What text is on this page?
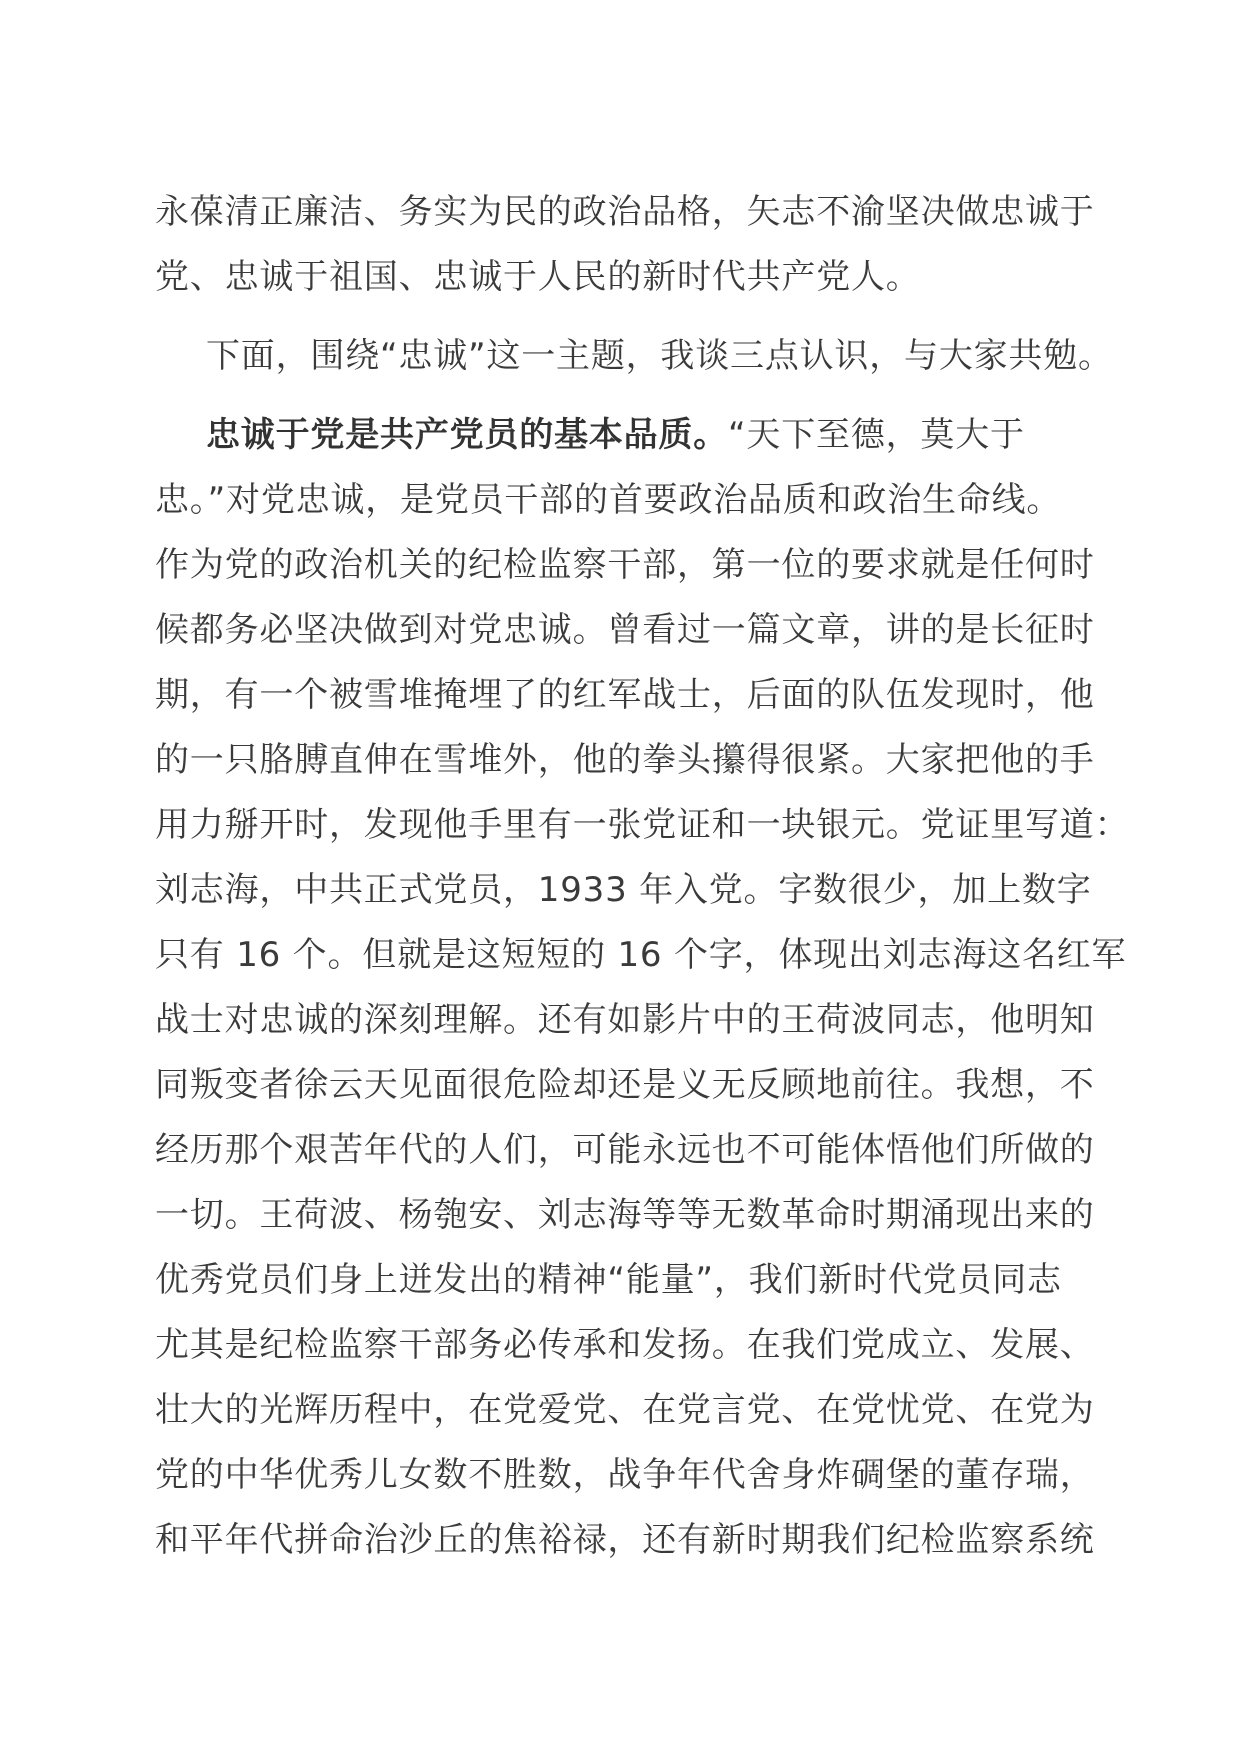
永葆清正廉洁、务实为民的政治品格，矢志不渝坚决做忠诚于
党、忠诚于祖国、忠诚于人民的新时代共产党人。
下面，围绕“忠诚”这一主题，我谈三点认识，与大家共勉。
忠诚于党是共产党员的基本品质。“天下至德，莫大于
忠。”对党忠诚，是党员干部的首要政治品质和政治生命线。
作为党的政治机关的纪检监察干部，第一位的要求就是任何时
候都务必坚决做到对党忠诚。曾看过一篇文章，讲的是长征时
期，有一个被雪堆掩埋了的红军战士，后面的队伍发现时，他
的一只胳膊直伸在雪堆外，他的拳头攥得很紧。大家把他的手
用力掰开时，发现他手里有一张党证和一块银元。党证里写道：
刘志海，中共正式党员，1933 年入党。字数很少，加上数字
只有 16 个。但就是这短短的 16 个字，体现出刘志海这名红军
战士对忠诚的深刻理解。还有如影片中的王荷波同志，他明知
同叛变者徐云天见面很危险却还是义无反顾地前往。我想，不
经历那个艰苦年代的人们，可能永远也不可能体悟他们所做的
一切。王荷波、杨匏安、刘志海等等无数革命时期涌现出来的
优秀党员们身上迸发出的精神“能量”，我们新时代党员同志
尤其是纪检监察干部务必传承和发扬。在我们党成立、发展、
壮大的光辉历程中，在党爱党、在党言党、在党忧党、在党为
党的中华优秀儿女数不胜数，战争年代舍身炸碉堡的董存瑞，
和平年代拼命治沙丘的焦裕禄，还有新时期我们纪检监察系统
